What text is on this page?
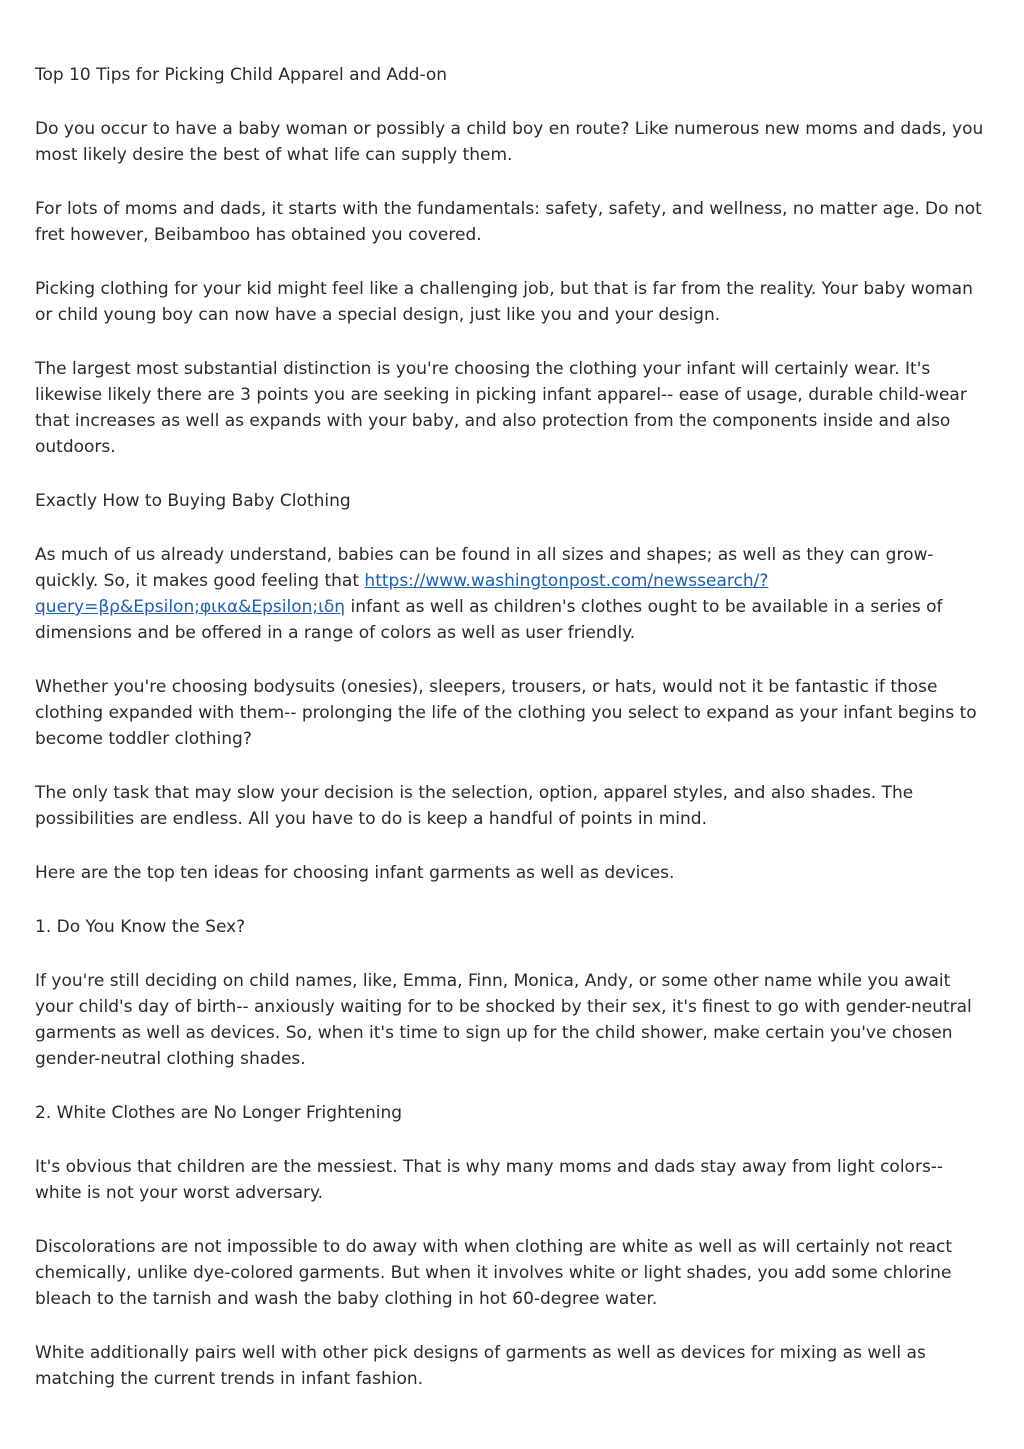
Top 10 Tips for Picking Child Apparel and Add-on

Do you occur to have a baby woman or possibly a child boy en route? Like numerous new moms and dads, you most likely desire the best of what life can supply them.

For lots of moms and dads, it starts with the fundamentals: safety, safety, and wellness, no matter age. Do not fret however, Beibamboo has obtained you covered.

Picking clothing for your kid might feel like a challenging job, but that is far from the reality. Your baby woman or child young boy can now have a special design, just like you and your design.

The largest most substantial distinction is you're choosing the clothing your infant will certainly wear. It's likewise likely there are 3 points you are seeking in picking infant apparel-- ease of usage, durable child-wear that increases as well as expands with your baby, and also protection from the components inside and also outdoors.

Exactly How to Buying Baby Clothing

As much of us already understand, babies can be found in all sizes and shapes; as well as they can grow-quickly. So, it makes good feeling that https://www.washingtonpost.com/newssearch/?query=βρ&Epsilon;φικα&Epsilon;ιδη infant as well as children's clothes ought to be available in a series of dimensions and be offered in a range of colors as well as user friendly.

Whether you're choosing bodysuits (onesies), sleepers, trousers, or hats, would not it be fantastic if those clothing expanded with them-- prolonging the life of the clothing you select to expand as your infant begins to become toddler clothing?

The only task that may slow your decision is the selection, option, apparel styles, and also shades. The possibilities are endless. All you have to do is keep a handful of points in mind.

Here are the top ten ideas for choosing infant garments as well as devices.

1. Do You Know the Sex?

If you're still deciding on child names, like, Emma, Finn, Monica, Andy, or some other name while you await your child's day of birth-- anxiously waiting for to be shocked by their sex, it's finest to go with gender-neutral garments as well as devices. So, when it's time to sign up for the child shower, make certain you've chosen gender-neutral clothing shades.

2. White Clothes are No Longer Frightening

It's obvious that children are the messiest. That is why many moms and dads stay away from light colors-- white is not your worst adversary.

Discolorations are not impossible to do away with when clothing are white as well as will certainly not react chemically, unlike dye-colored garments. But when it involves white or light shades, you add some chlorine bleach to the tarnish and wash the baby clothing in hot 60-degree water.

White additionally pairs well with other pick designs of garments as well as devices for mixing as well as matching the current trends in infant fashion.
